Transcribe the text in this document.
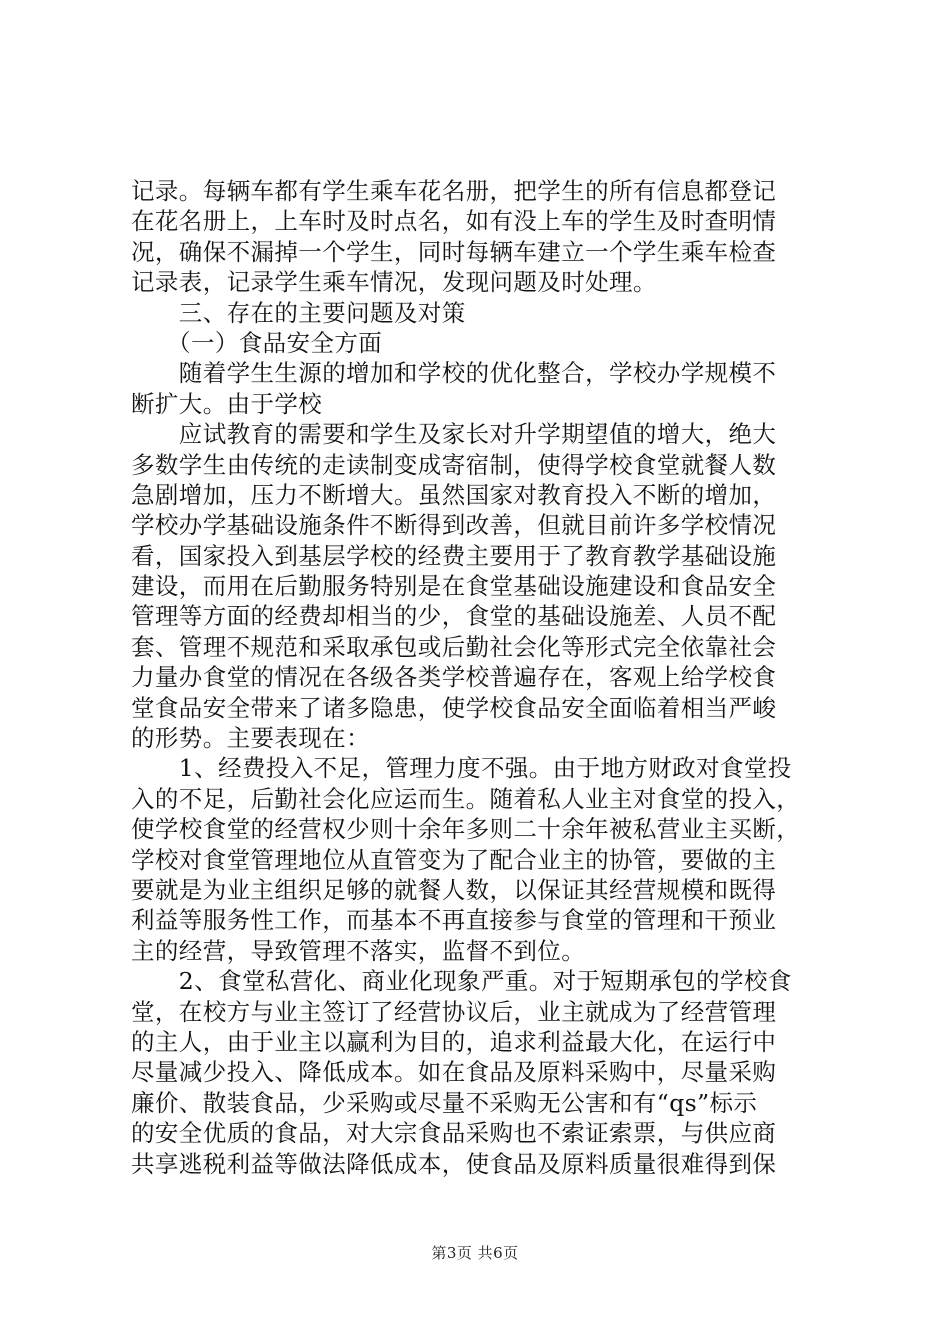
记录。每辆车都有学生乘车花名册，把学生的所有信息都登记
在花名册上，上车时及时点名，如有没上车的学生及时查明情
况，确保不漏掉一个学生，同时每辆车建立一个学生乘车检查
记录表，记录学生乘车情况，发现问题及时处理。
　　三、存在的主要问题及对策
　　（一）食品安全方面
　　随着学生生源的增加和学校的优化整合，学校办学规模不
断扩大。由于学校
　　应试教育的需要和学生及家长对升学期望值的增大，绝大
多数学生由传统的走读制变成寄宿制，使得学校食堂就餐人数
急剧增加，压力不断增大。虽然国家对教育投入不断的增加，
学校办学基础设施条件不断得到改善，但就目前许多学校情况
看，国家投入到基层学校的经费主要用于了教育教学基础设施
建设，而用在后勤服务特别是在食堂基础设施建设和食品安全
管理等方面的经费却相当的少，食堂的基础设施差、人员不配
套、管理不规范和采取承包或后勤社会化等形式完全依靠社会
力量办食堂的情况在各级各类学校普遍存在，客观上给学校食
堂食品安全带来了诸多隐患，使学校食品安全面临着相当严峻
的形势。主要表现在：
　　1、经费投入不足，管理力度不强。由于地方财政对食堂投
入的不足，后勤社会化应运而生。随着私人业主对食堂的投入，
使学校食堂的经营权少则十余年多则二十余年被私营业主买断，
学校对食堂管理地位从直管变为了配合业主的协管，要做的主
要就是为业主组织足够的就餐人数，以保证其经营规模和既得
利益等服务性工作，而基本不再直接参与食堂的管理和干预业
主的经营，导致管理不落实，监督不到位。
　　2、食堂私营化、商业化现象严重。对于短期承包的学校食
堂，在校方与业主签订了经营协议后，业主就成为了经营管理
的主人，由于业主以赢利为目的，追求利益最大化，在运行中
尽量减少投入、降低成本。如在食品及原料采购中，尽量采购
廉价、散装食品，少采购或尽量不采购无公害和有“qs”标示
的安全优质的食品，对大宗食品采购也不索证索票，与供应商
共享逃税利益等做法降低成本，使食品及原料质量很难得到保
第3页 共6页
